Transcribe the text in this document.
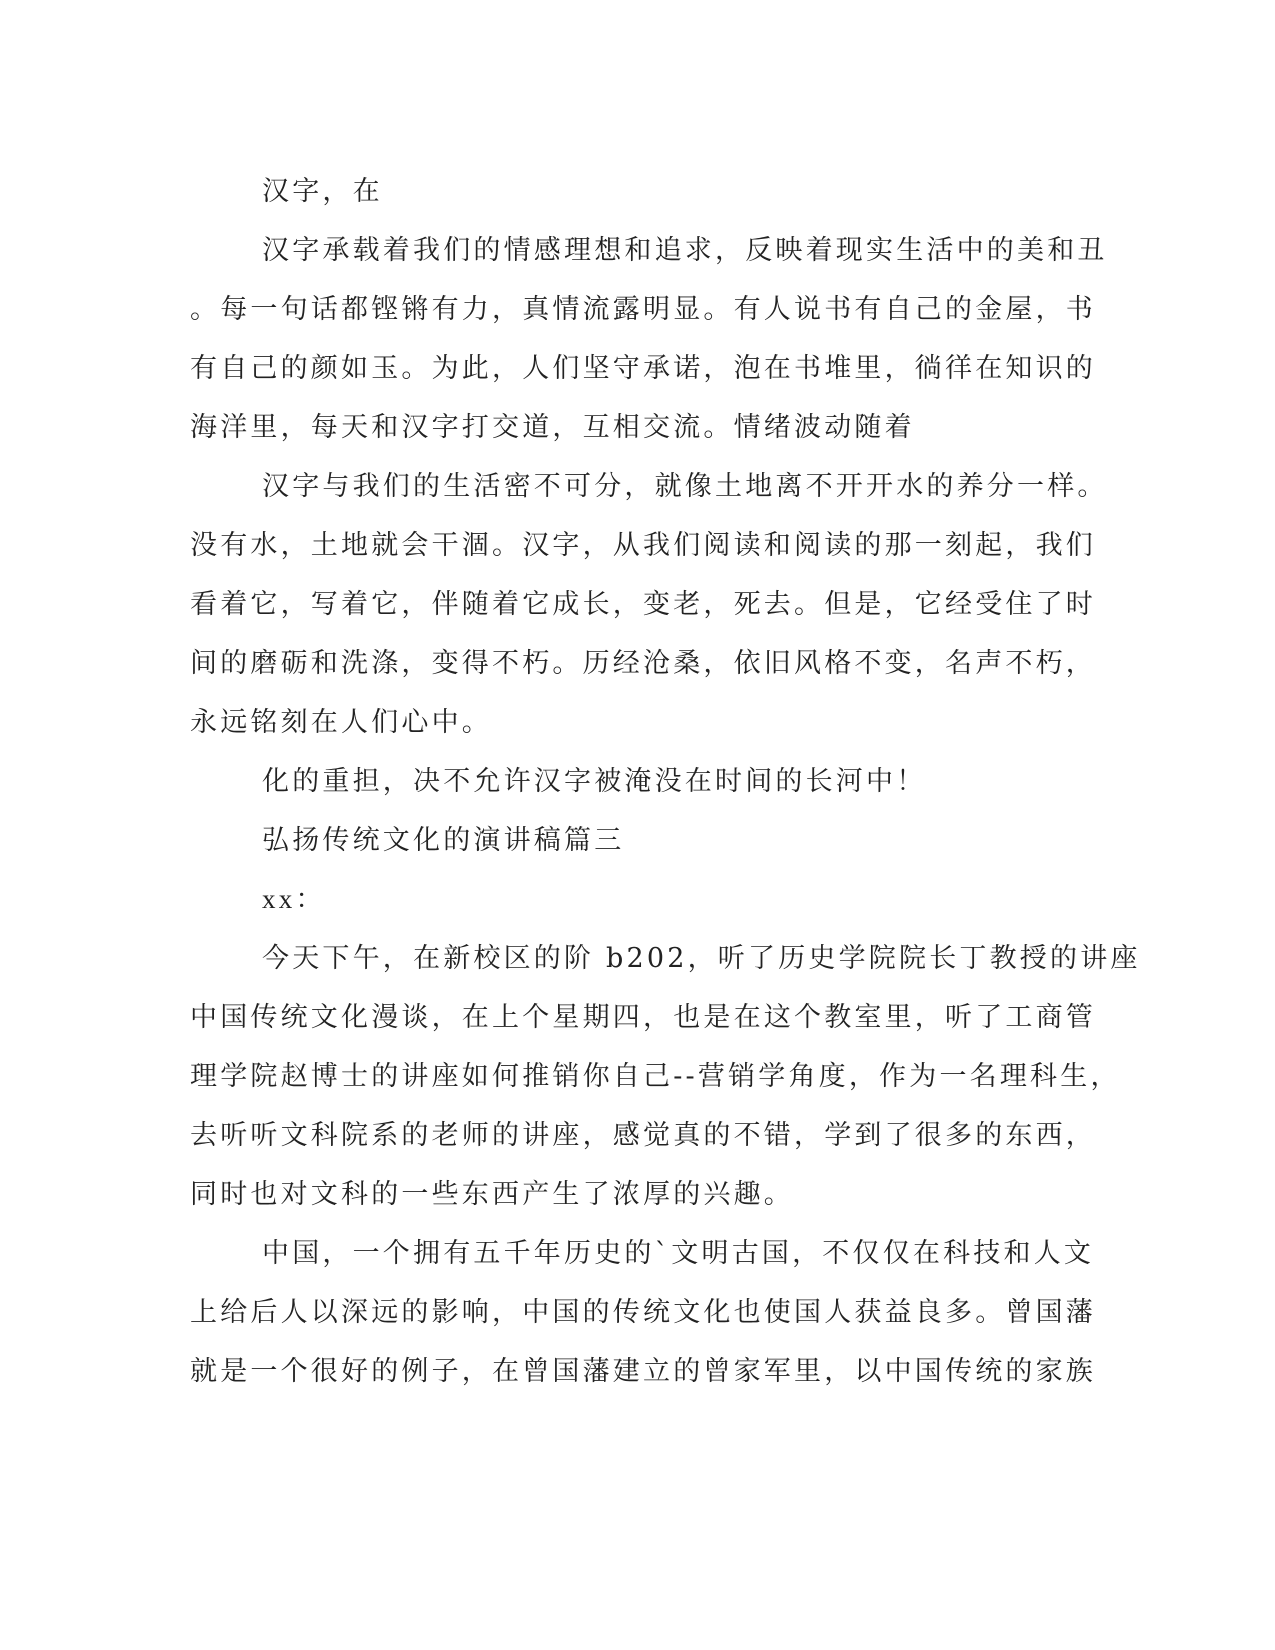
汉字，在
汉字承载着我们的情感理想和追求，反映着现实生活中的美和丑
。每一句话都铿锵有力，真情流露明显。有人说书有自己的金屋，书
有自己的颜如玉。为此，人们坚守承诺，泡在书堆里，徜徉在知识的
海洋里，每天和汉字打交道，互相交流。情绪波动随着
汉字与我们的生活密不可分，就像土地离不开开水的养分一样。
没有水，土地就会干涸。汉字，从我们阅读和阅读的那一刻起，我们
看着它，写着它，伴随着它成长，变老，死去。但是，它经受住了时
间的磨砺和洗涤，变得不朽。历经沧桑，依旧风格不变，名声不朽，
永远铭刻在人们心中。
化的重担，决不允许汉字被淹没在时间的长河中！
弘扬传统文化的演讲稿篇三
xx：
今天下午，在新校区的阶 b202，听了历史学院院长丁教授的讲座
中国传统文化漫谈，在上个星期四，也是在这个教室里，听了工商管
理学院赵博士的讲座如何推销你自己--营销学角度，作为一名理科生，
去听听文科院系的老师的讲座，感觉真的不错，学到了很多的东西，
同时也对文科的一些东西产生了浓厚的兴趣。
中国，一个拥有五千年历史的`文明古国，不仅仅在科技和人文
上给后人以深远的影响，中国的传统文化也使国人获益良多。曾国藩
就是一个很好的例子，在曾国藩建立的曾家军里，以中国传统的家族
